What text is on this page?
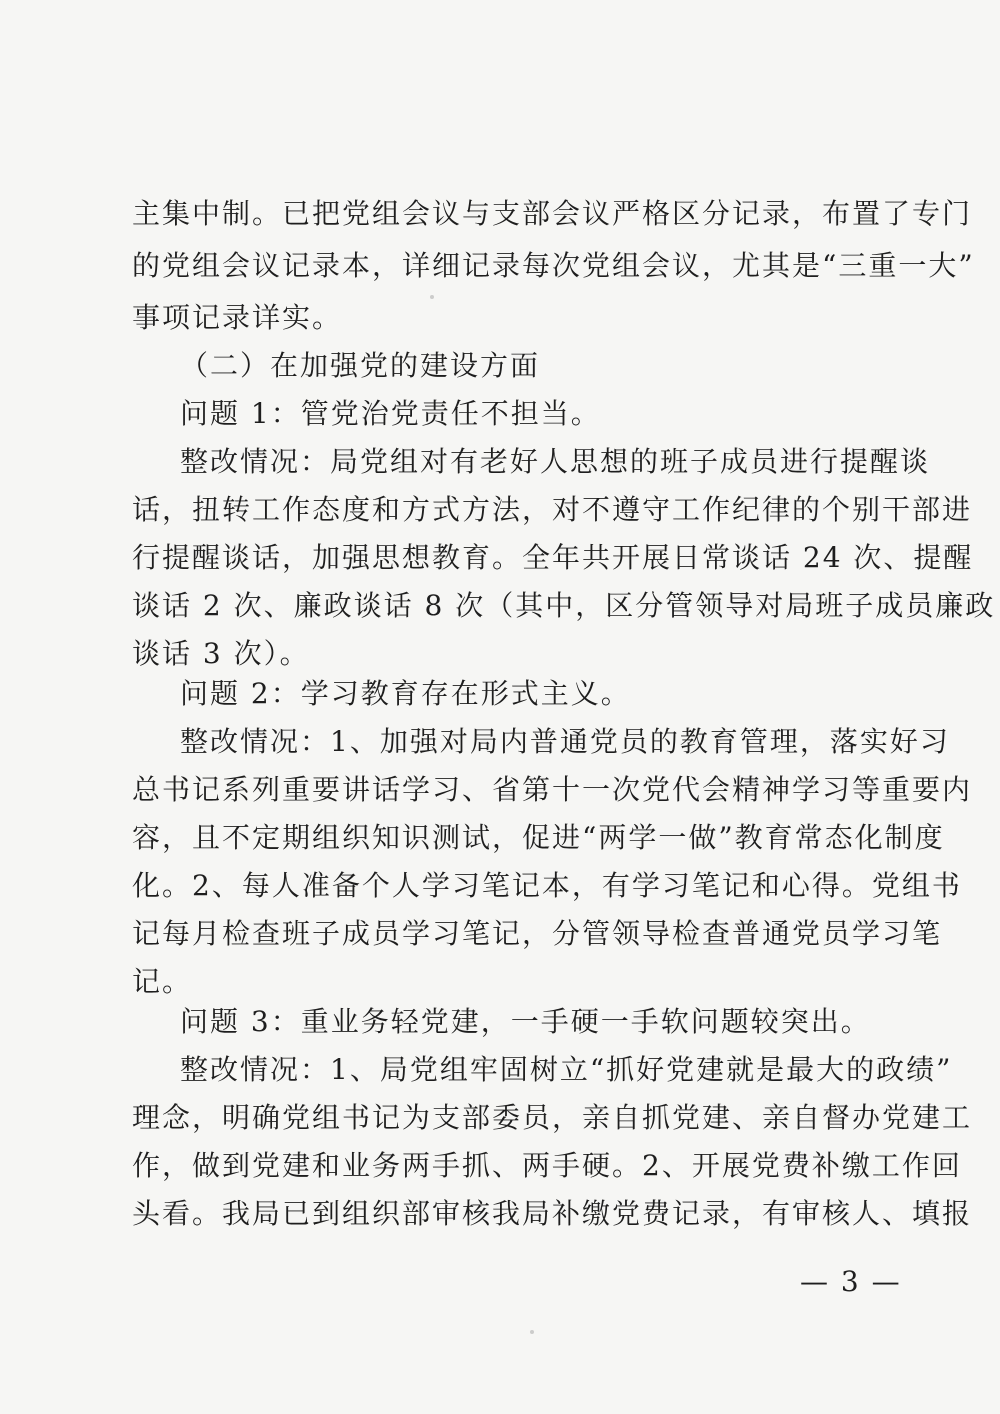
主集中制。已把党组会议与支部会议严格区分记录，布置了专门
的党组会议记录本，详细记录每次党组会议，尤其是“三重一大”
事项记录详实。
（二）在加强党的建设方面
问题 1：管党治党责任不担当。
整改情况：局党组对有老好人思想的班子成员进行提醒谈
话，扭转工作态度和方式方法，对不遵守工作纪律的个别干部进
行提醒谈话，加强思想教育。全年共开展日常谈话 24 次、提醒
谈话 2 次、廉政谈话 8 次（其中，区分管领导对局班子成员廉政
谈话 3 次）。
问题 2：学习教育存在形式主义。
整改情况：1、加强对局内普通党员的教育管理，落实好习
总书记系列重要讲话学习、省第十一次党代会精神学习等重要内
容，且不定期组织知识测试，促进“两学一做”教育常态化制度
化。2、每人准备个人学习笔记本，有学习笔记和心得。党组书
记每月检查班子成员学习笔记，分管领导检查普通党员学习笔
记。
问题 3：重业务轻党建，一手硬一手软问题较突出。
整改情况：1、局党组牢固树立“抓好党建就是最大的政绩”
理念，明确党组书记为支部委员，亲自抓党建、亲自督办党建工
作，做到党建和业务两手抓、两手硬。2、开展党费补缴工作回
头看。我局已到组织部审核我局补缴党费记录，有审核人、填报
— 3 —
